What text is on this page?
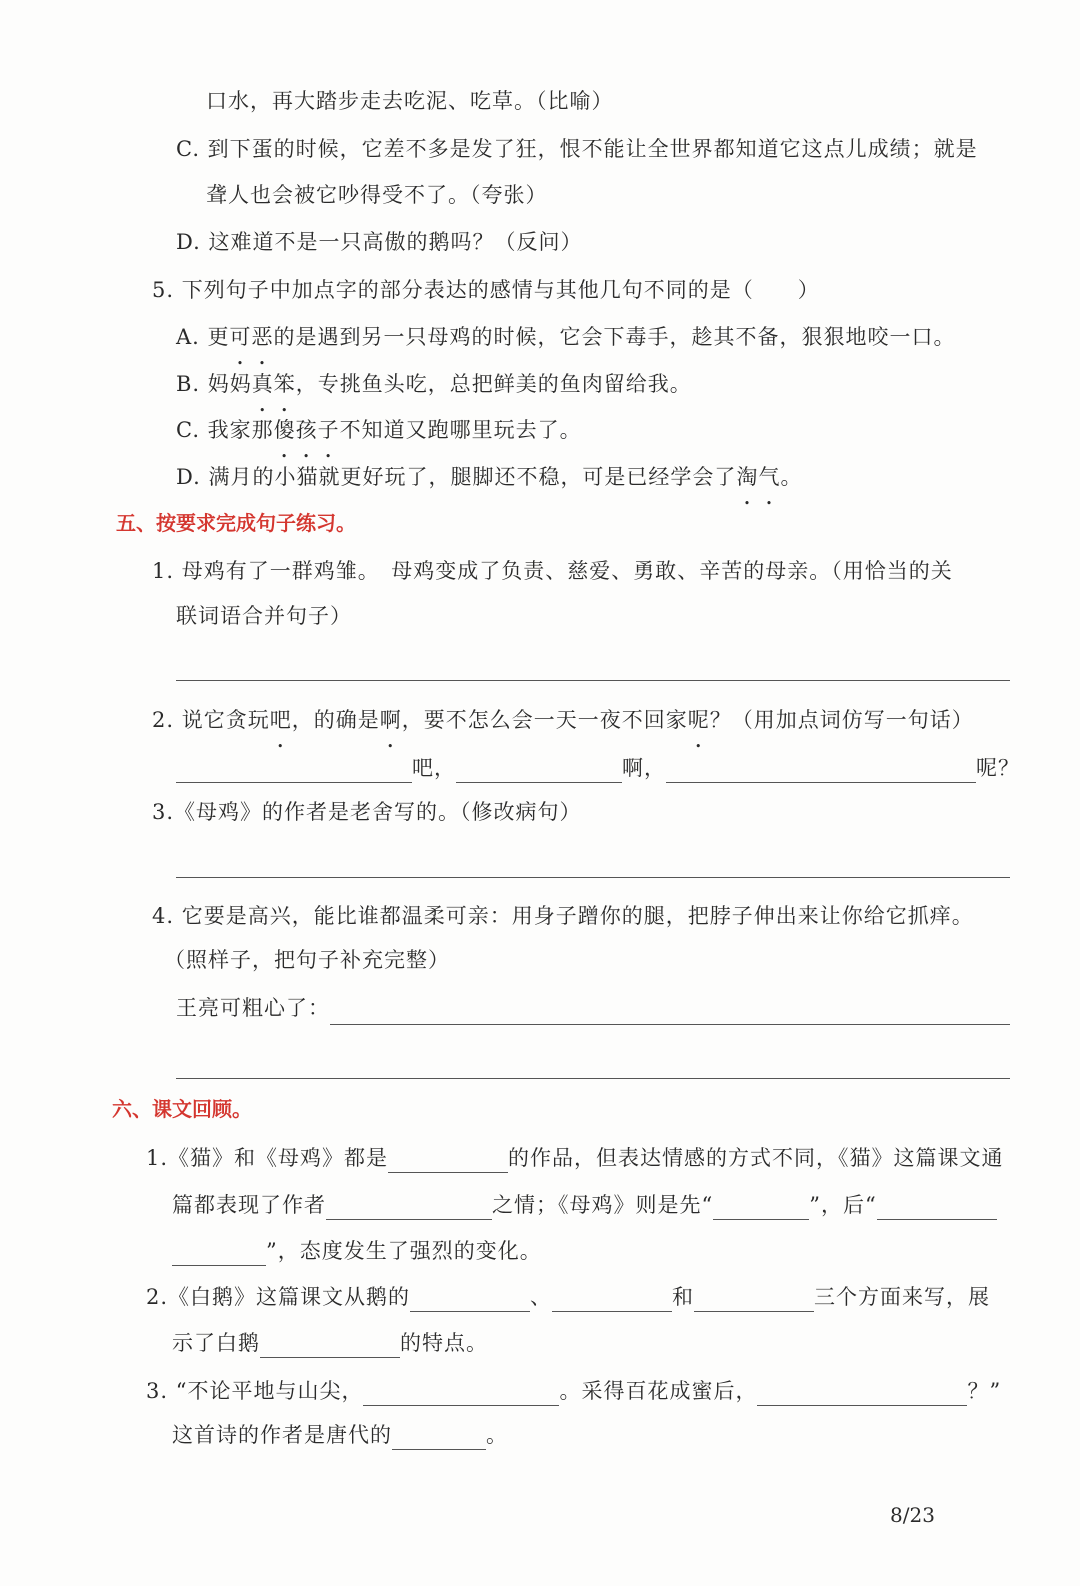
口水，再大踏步走去吃泥、吃草。（比喻）
C. 到下蛋的时候，它差不多是发了狂，恨不能让全世界都知道它这点儿成绩；就是
聋人也会被它吵得受不了。（夸张）
D. 这难道不是一只高傲的鹅吗？（反问）
5. 下列句子中加点字的部分表达的感情与其他几句不同的是（　　）
A. 更可恶的是遇到另一只母鸡的时候，它会下毒手，趁其不备，狠狠地咬一口。
B. 妈妈真笨，专挑鱼头吃，总把鲜美的鱼肉留给我。
C. 我家那傻孩子不知道又跑哪里玩去了。
D. 满月的小猫就更好玩了，腿脚还不稳，可是已经学会了淘气。
五、按要求完成句子练习。
1. 母鸡有了一群鸡雏。　母鸡变成了负责、慈爱、勇敢、辛苦的母亲。（用恰当的关
联词语合并句子）
2. 说它贪玩吧，的确是啊，要不怎么会一天一夜不回家呢？（用加点词仿写一句话）
吧，	啊，	呢？
3.《母鸡》的作者是老舍写的。（修改病句）
4. 它要是高兴，能比谁都温柔可亲：用身子蹭你的腿，把脖子伸出来让你给它抓痒。
（照样子，把句子补充完整）
王亮可粗心了：
六、课文回顾。
1.《猫》和《母鸡》都是	的作品，但表达情感的方式不同，《猫》这篇课文通
篇都表现了作者	之情；《母鸡》则是先“	”，后“
”，态度发生了强烈的变化。
2.《白鹅》这篇课文从鹅的	、	和	三个方面来写，展
示了白鹅	的特点。
3. “不论平地与山尖，	。采得百花成蜜后，	？”
这首诗的作者是唐代的	。
8/23
